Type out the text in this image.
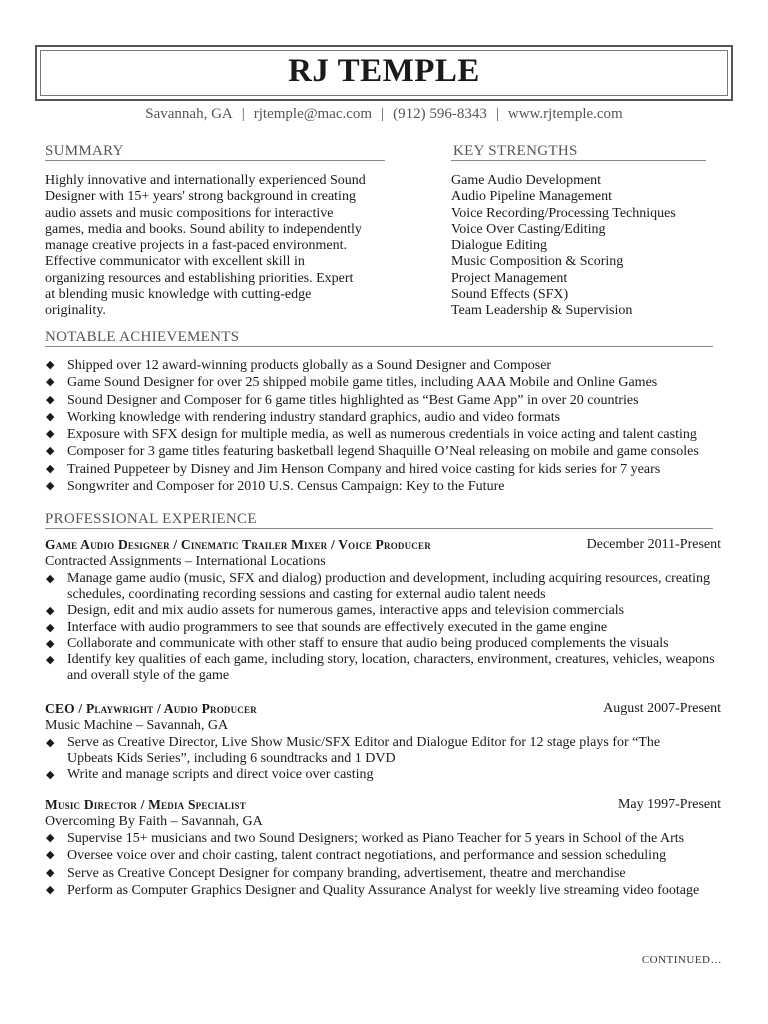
RJ TEMPLE
Savannah, GA | rjtemple@mac.com | (912) 596-8343 | www.rjtemple.com
SUMMARY
Highly innovative and internationally experienced Sound Designer with 15+ years' strong background in creating audio assets and music compositions for interactive games, media and books. Sound ability to independently manage creative projects in a fast-paced environment. Effective communicator with excellent skill in organizing resources and establishing priorities. Expert at blending music knowledge with cutting-edge originality.
KEY STRENGTHS
Game Audio Development
Audio Pipeline Management
Voice Recording/Processing Techniques
Voice Over Casting/Editing
Dialogue Editing
Music Composition & Scoring
Project Management
Sound Effects (SFX)
Team Leadership & Supervision
NOTABLE ACHIEVEMENTS
◆ Shipped over 12 award-winning products globally as a Sound Designer and Composer
◆ Game Sound Designer for over 25 shipped mobile game titles, including AAA Mobile and Online Games
◆ Sound Designer and Composer for 6 game titles highlighted as “Best Game App” in over 20 countries
◆ Working knowledge with rendering industry standard graphics, audio and video formats
◆ Exposure with SFX design for multiple media, as well as numerous credentials in voice acting and talent casting
◆ Composer for 3 game titles featuring basketball legend Shaquille O’Neal releasing on mobile and game consoles
◆ Trained Puppeteer by Disney and Jim Henson Company and hired voice casting for kids series for 7 years
◆ Songwriter and Composer for 2010 U.S. Census Campaign: Key to the Future
PROFESSIONAL EXPERIENCE
Game Audio Designer / Cinematic Trailer Mixer / Voice Producer	December 2011-Present
Contracted Assignments – International Locations
◆ Manage game audio (music, SFX and dialog) production and development, including acquiring resources, creating schedules, coordinating recording sessions and casting for external audio talent needs
◆ Design, edit and mix audio assets for numerous games, interactive apps and television commercials
◆ Interface with audio programmers to see that sounds are effectively executed in the game engine
◆ Collaborate and communicate with other staff to ensure that audio being produced complements the visuals
◆ Identify key qualities of each game, including story, location, characters, environment, creatures, vehicles, weapons and overall style of the game
CEO / Playwright / Audio Producer	August 2007-Present
Music Machine – Savannah, GA
◆ Serve as Creative Director, Live Show Music/SFX Editor and Dialogue Editor for 12 stage plays for “The Upbeats Kids Series”, including 6 soundtracks and 1 DVD
◆ Write and manage scripts and direct voice over casting
Music Director / Media Specialist	May 1997-Present
Overcoming By Faith – Savannah, GA
◆ Supervise 15+ musicians and two Sound Designers; worked as Piano Teacher for 5 years in School of the Arts
◆ Oversee voice over and choir casting, talent contract negotiations, and performance and session scheduling
◆ Serve as Creative Concept Designer for company branding, advertisement, theatre and merchandise
◆ Perform as Computer Graphics Designer and Quality Assurance Analyst for weekly live streaming video footage
CONTINUED…
